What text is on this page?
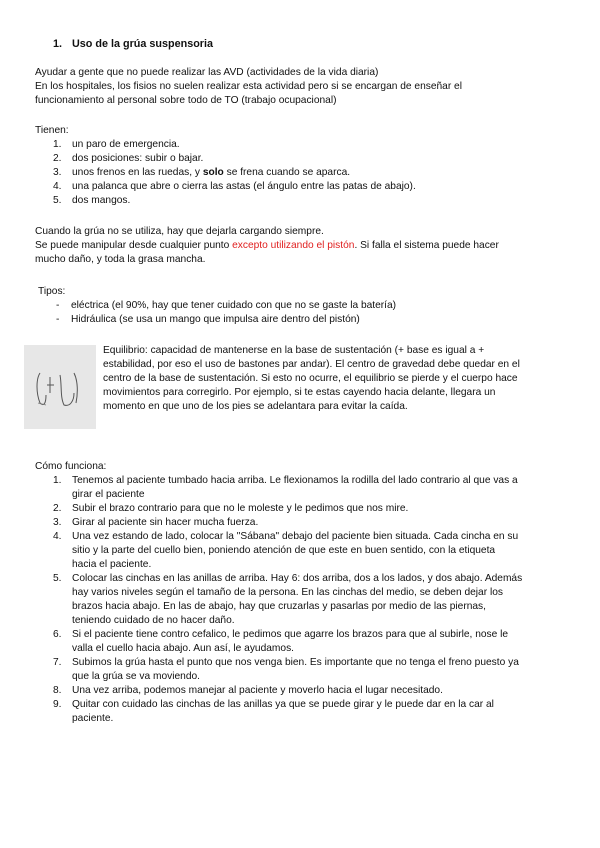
1. Uso de la grúa suspensoria

Ayudar a gente que no puede realizar las AVD (actividades de la vida diaria)

En los hospitales, los fisios no suelen realizar esta actividad pero si se encargan de enseñar el

funcionamiento al personal sobre todo de TO (trabajo ocupacional)

Tienen:

1. un paro de emergencia.
2. dos posiciones: subir o bajar.
3. unos frenos en las ruedas, y solo se frena cuando se aparca.
4. una palanca que abre o cierra las astas (el ángulo entre las patas de abajo).
5. dos mangos.

Cuando la grúa no se utiliza, hay que dejarla cargando siempre.

Se puede manipular desde cualquier punto excepto utilizando el pistón. Si falla el sistema puede hacer

mucho daño, y toda la grasa mancha.

Tipos:

- eléctrica (el 90%, hay que tener cuidado con que no se gaste la batería)
- Hidráulica (se usa un mango que impulsa aire dentro del pistón)

Equilibrio: capacidad de mantenerse en la base de sustentación (+ base es igual a +

estabilidad, por eso el uso de bastones par andar). El centro de gravedad debe quedar en el

centro de la base de sustentación. Si esto no ocurre, el equilibrio se pierde y el cuerpo hace

movimientos para corregirlo. Por ejemplo, si te estas cayendo hacia delante, llegara un

momento en que uno de los pies se adelantara para evitar la caída.

Cómo funciona:

1. Tenemos al paciente tumbado hacia arriba. Le flexionamos la rodilla del lado contrario al que vas a
girar el paciente
2. Subir el brazo contrario para que no le moleste y le pedimos que nos mire.
3. Girar al paciente sin hacer mucha fuerza.
4. Una vez estando de lado, colocar la "Sábana" debajo del paciente bien situada. Cada cincha en su
sitio y la parte del cuello bien, poniendo atención de que este en buen sentido, con la etiqueta
hacia el paciente.
5. Colocar las cinchas en las anillas de arriba. Hay 6: dos arriba, dos a los lados, y dos abajo. Además
hay varios niveles según el tamaño de la persona. En las cinchas del medio, se deben dejar los
brazos hacia abajo. En las de abajo, hay que cruzarlas y pasarlas por medio de las piernas,
teniendo cuidado de no hacer daño.
6. Si el paciente tiene contro cefalico, le pedimos que agarre los brazos para que al subirle, nose le
valla el cuello hacia abajo. Aun así, le ayudamos.
7. Subimos la grúa hasta el punto que nos venga bien. Es importante que no tenga el freno puesto ya
que la grúa se va moviendo.
8. Una vez arriba, podemos manejar al paciente y moverlo hacia el lugar necesitado.
9. Quitar con cuidado las cinchas de las anillas ya que se puede girar y le puede dar en la car al
paciente.
